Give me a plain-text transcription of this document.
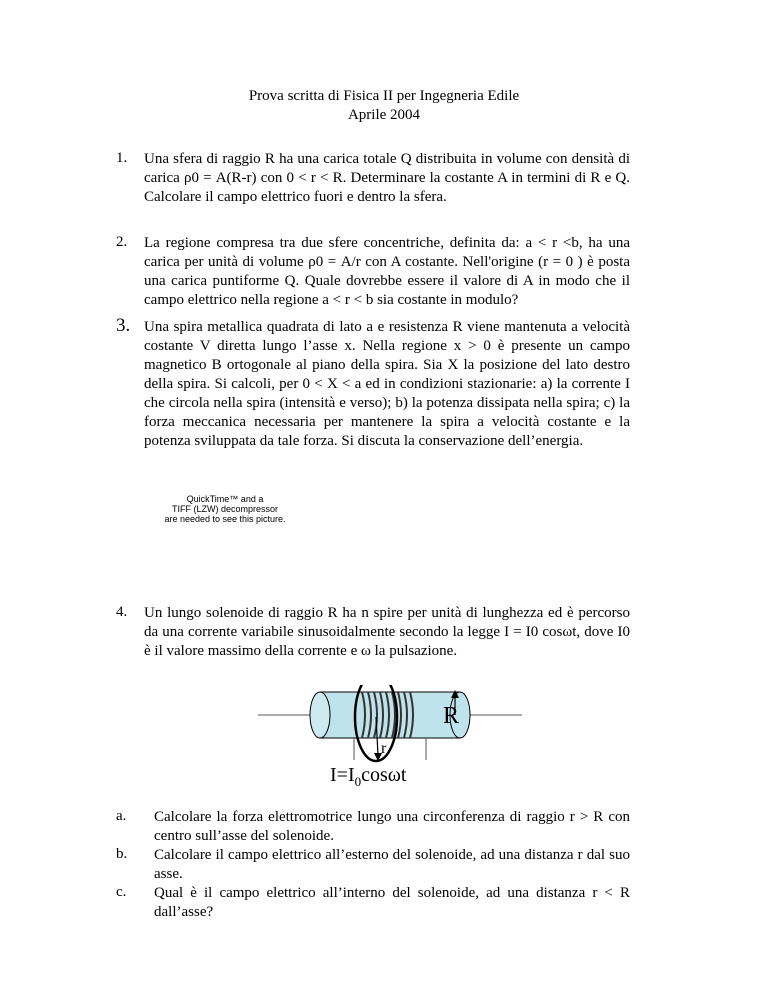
Prova scritta di Fisica II per Ingegneria Edile
Aprile 2004
1. Una sfera di raggio R ha una carica totale Q distribuita in volume con densità di carica ρ0 = A(R-r) con 0 < r < R. Determinare la costante A in termini di R e Q. Calcolare il campo elettrico fuori e dentro la sfera.
2. La regione compresa tra due sfere concentriche, definita da: a < r <b, ha una carica per unità di volume ρ0 = A/r con A costante. Nell'origine (r = 0 ) è posta una carica puntiforme Q. Quale dovrebbe essere il valore di A in modo che il campo elettrico nella regione a < r < b sia costante in modulo?
3. Una spira metallica quadrata di lato a e resistenza R viene mantenuta a velocità costante V diretta lungo l’asse x. Nella regione x > 0 è presente un campo magnetico B ortogonale al piano della spira. Sia X la posizione del lato destro della spira. Si calcoli, per 0 < X < a ed in condizioni stazionarie: a) la corrente I che circola nella spira (intensità e verso); b) la potenza dissipata nella spira; c) la forza meccanica necessaria per mantenere la spira a velocità costante e la potenza sviluppata da tale forza. Si discuta la conservazione dell’energia.
QuickTime™ and a
TIFF (LZW) decompressor
are needed to see this picture.
4. Un lungo solenoide di raggio R ha n spire per unità di lunghezza ed è percorso da una corrente variabile sinusoidalmente secondo la legge I = I0 cosωt, dove I0 è il valore massimo della corrente e ω la pulsazione.
R
r
$I=I_0\cos\omega t$
a. Calcolare la forza elettromotrice lungo una circonferenza di raggio r > R con centro sull’asse del solenoide.
b. Calcolare il campo elettrico all’esterno del solenoide, ad una distanza r dal suo asse.
c. Qual è il campo elettrico all’interno del solenoide, ad una distanza r < R dall’asse?
